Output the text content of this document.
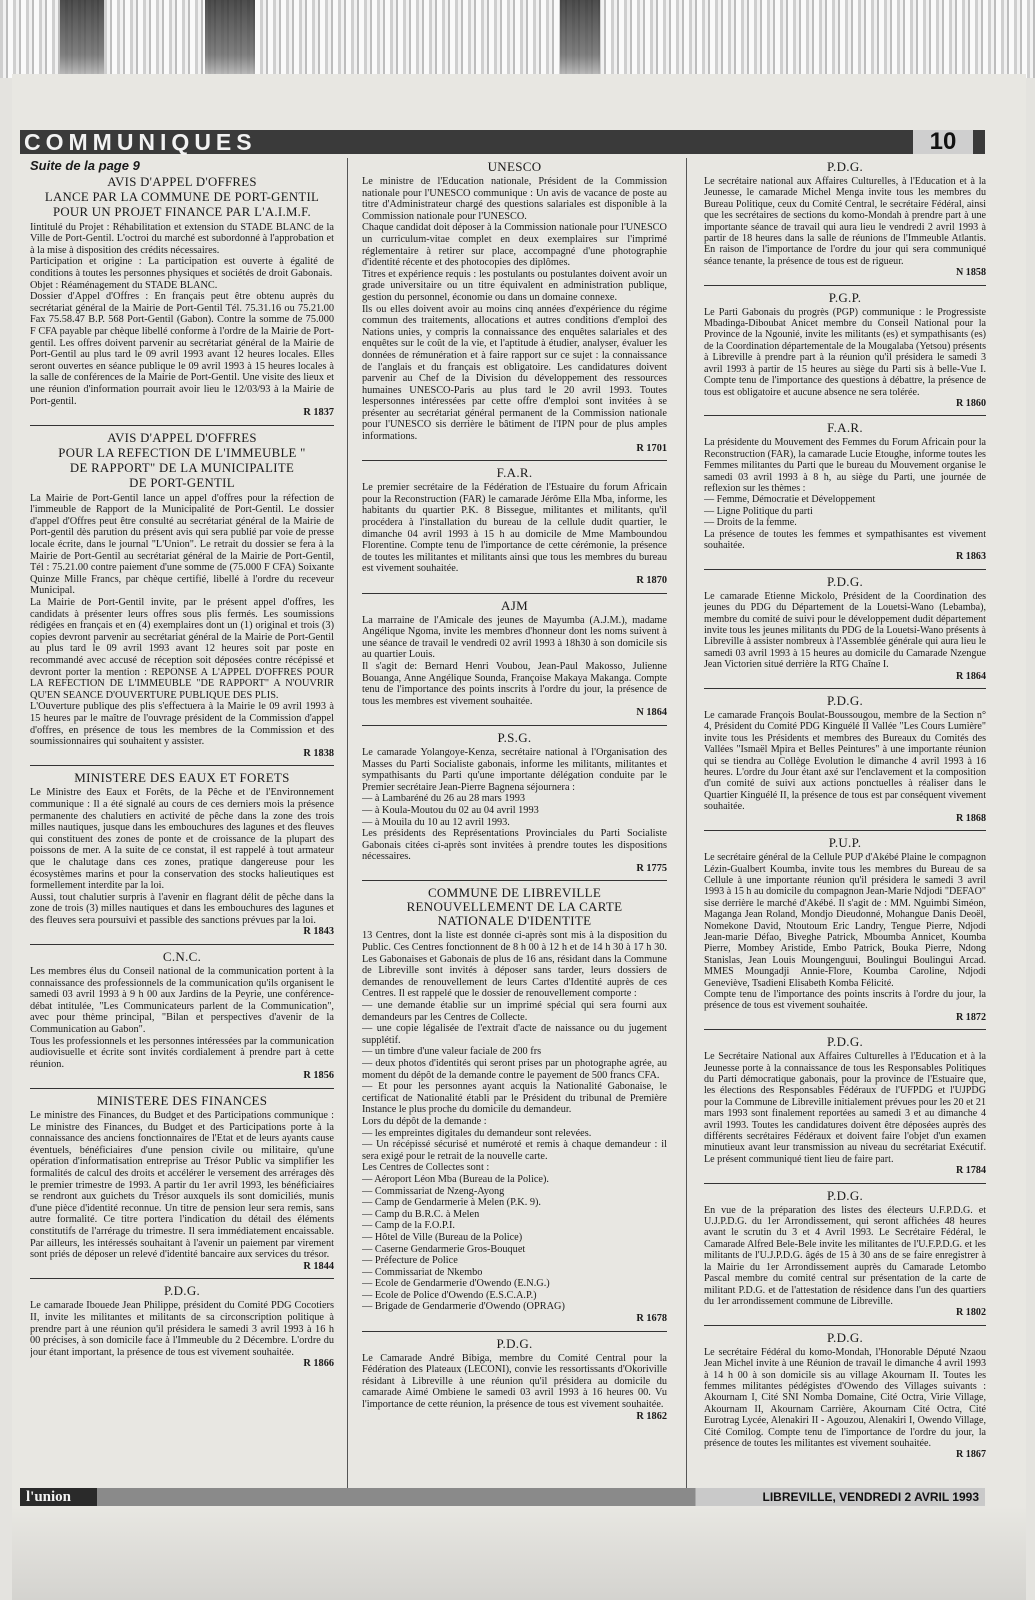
COMMUNIQUES	10
Suite de la page 9
AVIS D'APPEL D'OFFRES
LANCE PAR LA COMMUNE DE PORT-GENTIL
POUR UN PROJET FINANCE PAR L'A.I.M.F.
Iintitulé du Projet : Réhabilitation et extension du STADE BLANC de la Ville de Port-Gentil. L'octroi du marché est subordonné à l'approbation et à la mise à disposition des crédits nécessaires.
Participation et origine : La participation est ouverte à égalité de conditions à toutes les personnes physiques et sociétés de droit Gabonais.
Objet : Réaménagement du STADE BLANC.
Dossier d'Appel d'Offres : En français peut être obtenu auprès du secrétariat général de la Mairie de Port-Gentil Tél. 75.31.16 ou 75.21.00 Fax 75.58.47 B.P. 568 Port-Gentil (Gabon). Contre la somme de 75.000 F CFA payable par chèque libellé conforme à l'ordre de la Mairie de Port-gentil. Les offres doivent parvenir au secrétariat général de la Mairie de Port-Gentil au plus tard le 09 avril 1993 avant 12 heures locales. Elles seront ouvertes en séance publique le 09 avril 1993 à 15 heures locales à la salle de conférences de la Mairie de Port-Gentil. Une visite des lieux et une réunion d'information pourrait avoir lieu le 12/03/93 à la Mairie de Port-gentil.
R 1837
AVIS D'APPEL D'OFFRES
POUR LA REFECTION DE L'IMMEUBLE "
DE RAPPORT" DE LA MUNICIPALITE
DE PORT-GENTIL
La Mairie de Port-Gentil lance un appel d'offres pour la réfection de l'immeuble de Rapport de la Municipalité de Port-Gentil. Le dossier d'appel d'Offres peut être consulté au secrétariat général de la Mairie de Port-gentil dès parution du présent avis qui sera publié par voie de presse locale écrite, dans le journal "L'Union". Le retrait du dossier se fera à la Mairie de Port-Gentil au secrétariat général de la Mairie de Port-Gentil, Tél : 75.21.00 contre paiement d'une somme de (75.000 F CFA) Soixante Quinze Mille Francs, par chèque certifié, libellé à l'ordre du receveur Municipal.
La Mairie de Port-Gentil invite, par le présent appel d'offres, les candidats à présenter leurs offres sous plis fermés. Les soumissions rédigées en français et en (4) exemplaires dont un (1) original et trois (3) copies devront parvenir au secrétariat général de la Mairie de Port-Gentil au plus tard le 09 avril 1993 avant 12 heures soit par poste en recommandé avec accusé de réception soit déposées contre récépissé et devront porter la mention : REPONSE A L'APPEL D'OFFRES POUR LA REFECTION DE L'IMMEUBLE "DE RAPPORT" A N'OUVRIR QU'EN SEANCE D'OUVERTURE PUBLIQUE DES PLIS.
L'Ouverture publique des plis s'effectuera à la Mairie le 09 avril 1993 à 15 heures par le maître de l'ouvrage président de la Commission d'appel d'offres, en présence de tous les membres de la Commission et des soumissionnaires qui souhaitent y assister.
R 1838
MINISTERE DES EAUX ET FORETS
Le Ministre des Eaux et Forêts, de la Pêche et de l'Environnement communique : Il a été signalé au cours de ces derniers mois la présence permanente des chalutiers en activité de pêche dans la zone des trois milles nautiques, jusque dans les embouchures des lagunes et des fleuves qui constituent des zones de ponte et de croissance de la plupart des poissons de mer. A la suite de ce constat, il est rappelé à tout armateur que le chalutage dans ces zones, pratique dangereuse pour les écosystèmes marins et pour la conservation des stocks halieutiques est formellement interdite par la loi.
Aussi, tout chalutier surpris à l'avenir en flagrant délit de pêche dans la zone de trois (3) milles nautiques et dans les embouchures des lagunes et des fleuves sera poursuivi et passible des sanctions prévues par la loi.
R 1843
C.N.C.
Les membres élus du Conseil national de la communication portent à la connaissance des professionnels de la communication qu'ils organisent le samedi 03 avril 1993 à 9 h 00 aux Jardins de la Peyrie, une conférence-débat intitulée, "Les Communicateurs parlent de la Communication", avec pour thème principal, "Bilan et perspectives d'avenir de la Communication au Gabon".
Tous les professionnels et les personnes intéressées par la communication audiovisuelle et écrite sont invités cordialement à prendre part à cette réunion.
R 1856
MINISTERE DES FINANCES
Le ministre des Finances, du Budget et des Participations communique : Le ministre des Finances, du Budget et des Participations porte à la connaissance des anciens fonctionnaires de l'Etat et de leurs ayants cause éventuels, bénéficiaires d'une pension civile ou militaire, qu'une opération d'informatisation entreprise au Trésor Public va simplifier les formalités de calcul des droits et accélérer le versement des arrérages dès le premier trimestre de 1993. A partir du 1er avril 1993, les bénéficiaires se rendront aux guichets du Trésor auxquels ils sont domiciliés, munis d'une pièce d'identité reconnue. Un titre de pension leur sera remis, sans autre formalité. Ce titre portera l'indication du détail des éléments constitutifs de l'arrérage du trimestre. Il sera immédiatement encaissable. Par ailleurs, les intéressés souhaitant à l'avenir un paiement par virement sont priés de déposer un relevé d'identité bancaire aux services du trésor.
R 1844
P.D.G.
Le camarade Iboue​de Jean Philippe, président du Comité PDG Cocotiers II, invite les militantes et militants de sa circonscription politique à prendre part à une réunion qu'il présidera le samedi 3 avril 1993 à 16 h 00 précises, à son domicile face à l'Immeuble du 2 Décembre. L'ordre du jour étant important, la présence de tous est vivement souhaitée.
R 1866
UNESCO
Le ministre de l'Education nationale, Président de la Commission nationale pour l'UNESCO communique : Un avis de vacance de poste au titre d'Administrateur chargé des questions salariales est disponible à la Commission nationale pour l'UNESCO.
Chaque candidat doit déposer à la Commission nationale pour l'UNESCO un curriculum-vitae complet en deux exemplaires sur l'imprimé réglementaire à retirer sur place, accompagné d'une photographie d'identité récente et des photocopies des diplômes.
Titres et expérience requis : les postulants ou postulantes doivent avoir un grade universitaire ou un titre équivalent en administration publique, gestion du personnel, économie ou dans un domaine connexe.
Ils ou elles doivent avoir au moins cinq années d'expérience du régime commun des traitements, allocations et autres conditions d'emploi des Nations unies, y compris la connaissance des enquêtes salariales et des enquêtes sur le coût de la vie, et l'aptitude à étudier, analyser, évaluer les données de rémunération et à faire rapport sur ce sujet : la connaissance de l'anglais et du français est obligatoire. Les candidatures doivent parvenir au Chef de la Division du développement des ressources humaines UNESCO-Paris au plus tard le 20 avril 1993. Toutes lespersonnes intéressées par cette offre d'emploi sont invitées à se présenter au secrétariat général permanent de la Commission nationale pour l'UNESCO sis derrière le bâtiment de l'IPN pour de plus amples informations.
R 1701
F.A.R.
Le premier secrétaire de la Fédération de l'Estuaire du forum Africain pour la Reconstruction (FAR) le camarade Jérôme Ella Mba, informe, les habitants du quartier P.K. 8 Bissegue, militantes et militants, qu'il procédera à l'installation du bureau de la cellule dudit quartier, le dimanche 04 avril 1993 à 15 h au domicile de Mme Mamboundou Florentine. Compte tenu de l'importance de cette cérémonie, la présence de toutes les militantes et militants ainsi que tous les membres du bureau est vivement souhaitée.
R 1870
AJM
La marraine de l'Amicale des jeunes de Mayumba (A.J.M.), madame Angélique Ngoma, invite les membres d'honneur dont les noms suivent à une séance de travail le vendredi 02 avril 1993 à 18h30 à son domicile sis au quartier Louis.
Il s'agit de: Bernard Henri Voubou, Jean-Paul Makosso, Julienne Bouanga, Anne Angélique Sounda, Françoise Makaya Makanga. Compte tenu de l'importance des points inscrits à l'ordre du jour, la présence de tous les membres est vivement souhaitée.
N 1864
P.S.G.
Le camarade Yolangoye-Kenza, secrétaire national à l'Organisation des Masses du Parti Socialiste gabonais, informe les militants, militantes et sympathisants du Parti qu'une importante délégation conduite par le Premier secrétaire Jean-Pierre Bagnena séjournera :
— à Lambaréné du 26 au 28 mars 1993
— à Koula-Moutou du 02 au 04 avril 1993
— à Mouila du 10 au 12 avril 1993.
Les présidents des Représentations Provinciales du Parti Socialiste Gabonais citées ci-après sont invitées à prendre toutes les dispositions nécessaires.
R 1775
COMMUNE DE LIBREVILLE
RENOUVELLEMENT DE LA CARTE
NATIONALE D'IDENTITE
13 Centres, dont la liste est donnée ci-après sont mis à la disposition du Public. Ces Centres fonctionnent de 8 h 00 à 12 h et de 14 h 30 à 17 h 30. Les Gabonaises et Gabonais de plus de 16 ans, résidant dans la Commune de Libreville sont invités à déposer sans tarder, leurs dossiers de demandes de renouvellement de leurs Cartes d'Identité auprès de ces Centres. Il est rappelé que le dossier de renouvellement comporte :
— une demande établie sur un imprimé spécial qui sera fourni aux demandeurs par les Centres de Collecte.
— une copie légalisée de l'extrait d'acte de naissance ou du jugement supplétif.
— un timbre d'une valeur faciale de 200 frs
— deux photos d'identités qui seront prises par un photographe agrée, au moment du dépôt de la demande contre le payement de 500 francs CFA.
— Et pour les personnes ayant acquis la Nationalité Gabonaise, le certificat de Nationalité établi par le Président du tribunal de Première Instance le plus proche du domicile du demandeur.
Lors du dépôt de la demande :
— les empreintes digitales du demandeur sont relevées.
— Un récépissé sécurisé et numéroté et remis à chaque demandeur : il sera exigé pour le retrait de la nouvelle carte.
Les Centres de Collectes sont :
— Aéroport Léon Mba (Bureau de la Police).
— Commissariat de Nzeng-Ayong
— Camp de Gendarmerie à Melen (P.K. 9).
— Camp du B.R.C. à Melen
— Camp de la F.O.P.I.
— Hôtel de Ville (Bureau de la Police)
— Caserne Gendarmerie Gros-Bouquet
— Préfecture de Police
— Commissariat de Nkembo
— Ecole de Gendarmerie d'Owendo (E.N.G.)
— Ecole de Police d'Owendo (E.S.C.A.P.)
— Brigade de Gendarmerie d'Owendo (OPRAG)
R 1678
P.D.G.
Le Camarade André Bibiga, membre du Comité Central pour la Fédération des Plateaux (LECONI), convie les ressortissants d'Okoriville résidant à Libreville à une réunion qu'il présidera au domicile du camarade Aimé Ombiene le samedi 03 avril 1993 à 16 heures 00. Vu l'importance de cette réunion, la présence de tous est vivement souhaitée.
R 1862
P.D.G.
Le secrétaire national aux Affaires Culturelles, à l'Education et à la Jeunesse, le camarade Michel Menga invite tous les membres du Bureau Politique, ceux du Comité Central, le secrétaire Fédéral, ainsi que les secrétaires de sections du komo-Mondah à prendre part à une importante séance de travail qui aura lieu le vendredi 2 avril 1993 à partir de 18 heures dans la salle de réunions de l'Immeuble Atlantis. En raison de l'importance de l'ordre du jour qui sera communiqué séance tenante, la présence de tous est de rigueur.
N 1858
P.G.P.
Le Parti Gabonais du progrès (PGP) communique : le Progressiste Mbadinga-Diboubat Anicet membre du Conseil National pour la Province de la Ngounié, invite les militants (es) et sympathisants (es) de la Coordination départementale de la Mougalaba (Yetsou) présents à Libreville à prendre part à la réunion qu'il présidera le samedi 3 avril 1993 à partir de 15 heures au siège du Parti sis à belle-Vue I. Compte tenu de l'importance des questions à débattre, la présence de tous est obligatoire et aucune absence ne sera tolérée.
R 1860
F.A.R.
La présidente du Mouvement des Femmes du Forum Africain pour la Reconstruction (FAR), la camarade Lucie Etoughe, informe toutes les Femmes militantes du Parti que le bureau du Mouvement organise le samedi 03 avril 1993 à 8 h, au siège du Parti, une journée de reflexion sur les thèmes :
— Femme, Démocratie et Développement
— Ligne Politique du parti
— Droits de la femme.
La présence de toutes les femmes et sympathisantes est vivement souhaitée.
R 1863
P.D.G.
Le camarade Etienne Mickolo, Président de la Coordination des jeunes du PDG du Département de la Louetsi-Wano (Lebamba), membre du comité de suivi pour le développement dudit département invite tous les jeunes militants du PDG de la Louetsi-Wano présents à Libreville à assister nombreux à l'Assemblée générale qui aura lieu le samedi 03 avril 1993 à 15 heures au domicile du Camarade Nzengue Jean Victorien situé derrière la RTG Chaîne I.
R 1864
P.D.G.
Le camarade François Boulat-Boussougou, membre de la Section n° 4, Président du Comité PDG Kinguélé II Vallée "Les Cours Lumière" invite tous les Présidents et membres des Bureaux du Comités des Vallées "Ismaël Mpira et Belles Peintures" à une importante réunion qui se tiendra au Collège Evolution le dimanche 4 avril 1993 à 16 heures. L'ordre du Jour étant axé sur l'enclavement et la composition d'un comité de suivi aux actions ponctuelles à réaliser dans le Quartier Kinguélé II, la présence de tous est par conséquent vivement souhaitée.
R 1868
P.U.P.
Le secrétaire général de la Cellule PUP d'Akébé Plaine le compagnon Lézin-Gualbert Koumba, invite tous les membres du Bureau de sa Cellule à une importante réunion qu'il présidera le samedi 3 avril 1993 à 15 h au domicile du compagnon Jean-Marie Ndjodi "DEFAO" sise derrière le marché d'Akébé. Il s'agit de : MM. Nguimbi Siméon, Maganga Jean Roland, Mondjo Dieudonné, Mohangue Danis Deoël, Nomekone David, Ntoutoum Eric Landry, Tengue Pierre, Ndjodi Jean-marie Défao, Biveghe Patrick, Mboumba Annicet, Koumba Pierre, Mombey Aristide, Embo Patrick, Bouka Pierre, Ndong Stanislas, Jean Louis Moungenguui, Boulingui Boulingui Arcad. MMES Moungadji Annie-Flore, Koumba Caroline, Ndjodi Geneviève, Tsadieni Elisabeth Komba Félicité.
Compte tenu de l'importance des points inscrits à l'ordre du jour, la présence de tous est vivement souhaitée.
R 1872
P.D.G.
Le Secrétaire National aux Affaires Culturelles à l'Education et à la Jeunesse porte à la connaissance de tous les Responsables Politiques du Parti démocratique gabonais, pour la province de l'Estuaire que, les élections des Responsables Fédéraux de l'UFPDG et l'UJPDG pour la Commune de Libreville initialement prévues pour les 20 et 21 mars 1993 sont finalement reportées au samedi 3 et au dimanche 4 avril 1993. Toutes les candidatures doivent être déposées auprès des différents secrétaires Fédéraux et doivent faire l'objet d'un examen minutieux avant leur transmission au niveau du secrétariat Exécutif. Le présent communiqué tient lieu de faire part.
R 1784
P.D.G.
En vue de la préparation des listes des électeurs U.F.P.D.G. et U.J.P.D.G. du 1er Arrondissement, qui seront affichées 48 heures avant le scrutin du 3 et 4 Avril 1993. Le Secrétaire Fédéral, le Camarade Alfred Bele-Bele invite les militantes de l'U.F.P.D.G. et les militants de l'U.J.P.D.G. âgés de 15 à 30 ans de se faire enregistrer à la Mairie du 1er Arrondissement auprès du Camarade Letombo Pascal membre du comité central sur présentation de la carte de militant P.D.G. et de l'attestation de résidence dans l'un des quartiers du 1er arrondissement commune de Libreville.
R 1802
P.D.G.
Le secrétaire Fédéral du komo-Mondah, l'Honorable Député Nzaou Jean Michel invite à une Réunion de travail le dimanche 4 avril 1993 à 14 h 00 à son domicile sis au village Akournam II. Toutes les femmes militantes pédégistes d'Owendo des Villages suivants : Akournam I, Cité SNI Nomba Domaine, Cité Octra, Virie Village, Akournam II, Akournam Carrière, Akournam Cité Octra, Cité Eurotrag Lycée, Alenakiri II - Agouzou, Alenakiri I, Owendo Village, Cité Comilog. Compte tenu de l'importance de l'ordre du jour, la présence de toutes les militantes est vivement souhaitée.
R 1867
l'union	LIBREVILLE, VENDREDI 2 AVRIL 1993
